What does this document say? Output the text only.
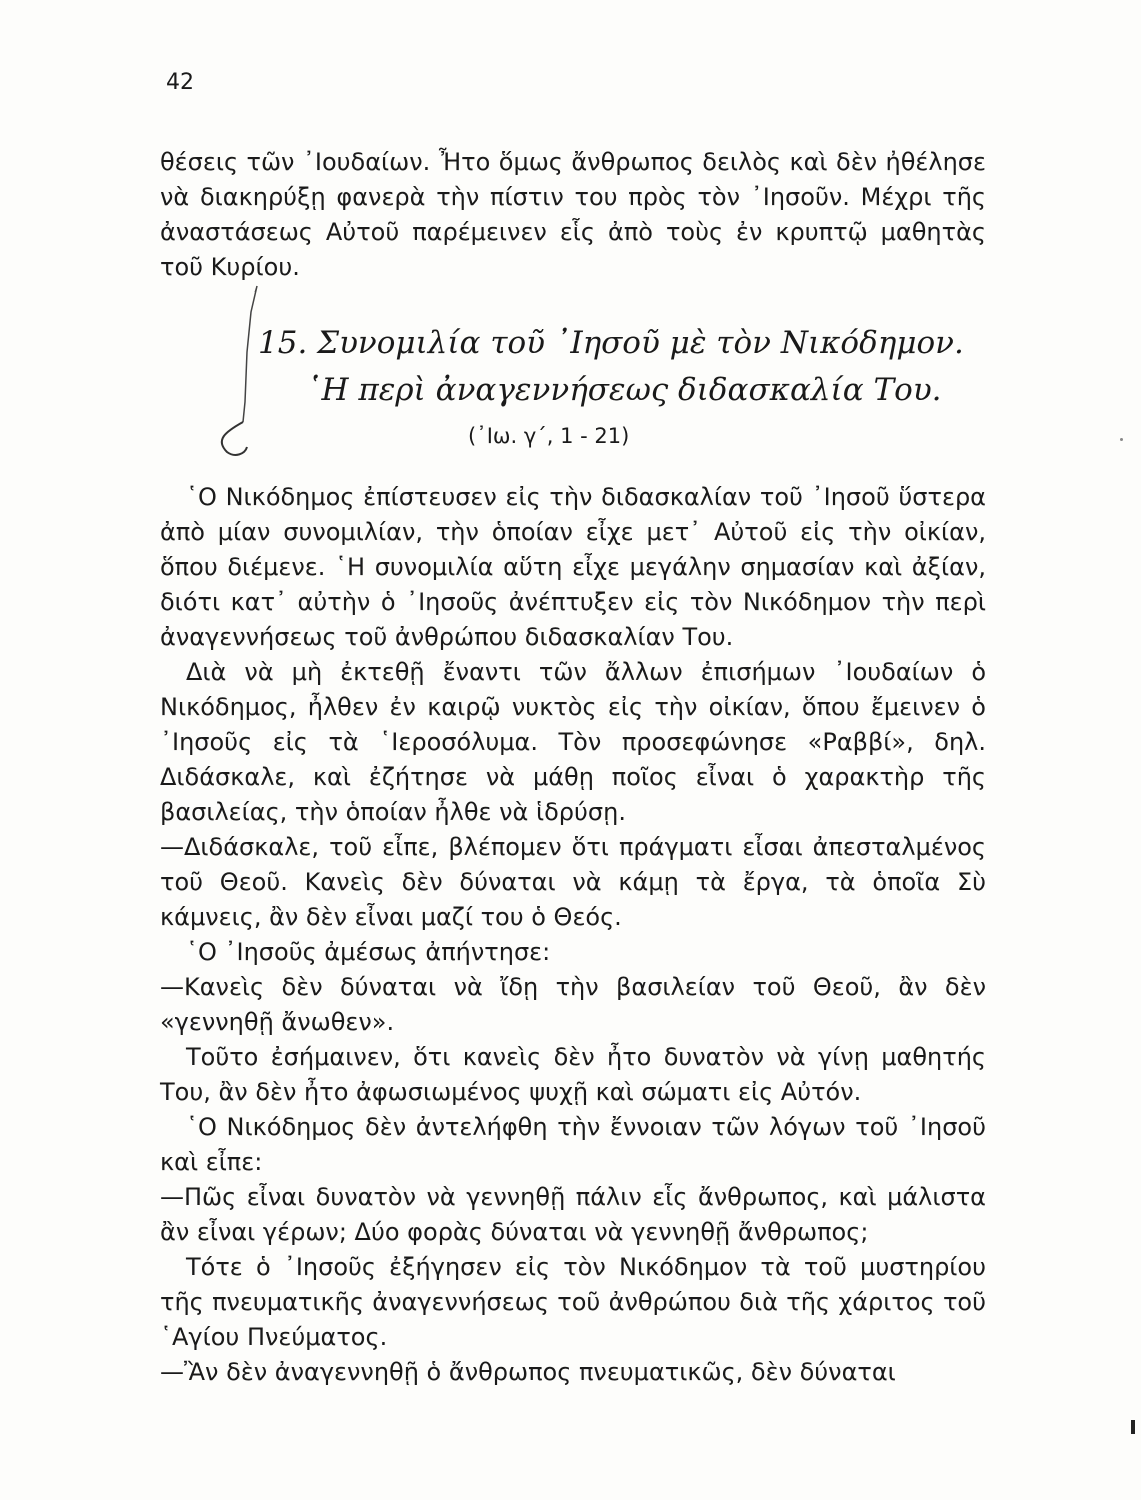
42

θέσεις τῶν ᾽Ιουδαίων. Ἦτο ὅμως ἄνθρωπος δειλὸς καὶ δὲν ἠθέλησε νὰ διακηρύξῃ φανερὰ τὴν πίστιν του πρὸς τὸν ᾽Ιησοῦν. Μέχρι τῆς ἀναστάσεως Αὐτοῦ παρέμεινεν εἷς ἀπὸ τοὺς ἐν κρυπτῷ μαθητὰς τοῦ Κυρίου.

15. Συνομιλία τοῦ ᾽Ιησοῦ μὲ τὸν Νικόδημον.
῾Η περὶ ἀναγεννήσεως διδασκαλία Του.
(᾽Ιω. γ΄, 1 - 21)

῾Ο Νικόδημος ἐπίστευσεν εἰς τὴν διδασκαλίαν τοῦ ᾽Ιησοῦ ὕστερα ἀπὸ μίαν συνομιλίαν, τὴν ὁποίαν εἶχε μετ᾽ Αὐτοῦ εἰς τὴν οἰκίαν, ὅπου διέμενε. ῾Η συνομιλία αὕτη εἶχε μεγάλην σημασίαν καὶ ἀξίαν, διότι κατ᾽ αὐτὴν ὁ ᾽Ιησοῦς ἀνέπτυξεν εἰς τὸν Νικόδημον τὴν περὶ ἀναγεννήσεως τοῦ ἀνθρώπου διδασκαλίαν Του.

Διὰ νὰ μὴ ἐκτεθῇ ἔναντι τῶν ἄλλων ἐπισήμων ᾽Ιουδαίων ὁ Νικόδημος, ἦλθεν ἐν καιρῷ νυκτὸς εἰς τὴν οἰκίαν, ὅπου ἔμεινεν ὁ ᾽Ιησοῦς εἰς τὰ ῾Ιεροσόλυμα. Τὸν προσεφώνησε «Ραββί», δηλ. Διδάσκαλε, καὶ ἐζήτησε νὰ μάθῃ ποῖος εἶναι ὁ χαρακτὴρ τῆς βασιλείας, τὴν ὁποίαν ἦλθε νὰ ἱδρύσῃ.

—Διδάσκαλε, τοῦ εἶπε, βλέπομεν ὅτι πράγματι εἶσαι ἀπεσταλμένος τοῦ Θεοῦ. Κανεὶς δὲν δύναται νὰ κάμῃ τὰ ἔργα, τὰ ὁποῖα Σὺ κάμνεις, ἂν δὲν εἶναι μαζί του ὁ Θεός.

῾Ο ᾽Ιησοῦς ἀμέσως ἀπήντησε:

—Κανεὶς δὲν δύναται νὰ ἴδῃ τὴν βασιλείαν τοῦ Θεοῦ, ἂν δὲν «γεννηθῇ ἄνωθεν».

Τοῦτο ἐσήμαινεν, ὅτι κανεὶς δὲν ἦτο δυνατὸν νὰ γίνῃ μαθητής Του, ἂν δὲν ἦτο ἀφωσιωμένος ψυχῇ καὶ σώματι εἰς Αὐτόν.

῾Ο Νικόδημος δὲν ἀντελήφθη τὴν ἔννοιαν τῶν λόγων τοῦ ᾽Ιησοῦ καὶ εἶπε:

—Πῶς εἶναι δυνατὸν νὰ γεννηθῇ πάλιν εἷς ἄνθρωπος, καὶ μάλιστα ἂν εἶναι γέρων; Δύο φορὰς δύναται νὰ γεννηθῇ ἄνθρωπος;

Τότε ὁ ᾽Ιησοῦς ἐξήγησεν εἰς τὸν Νικόδημον τὰ τοῦ μυστηρίου τῆς πνευματικῆς ἀναγεννήσεως τοῦ ἀνθρώπου διὰ τῆς χάριτος τοῦ ῾Αγίου Πνεύματος.

—Ἂν δὲν ἀναγεννηθῇ ὁ ἄνθρωπος πνευματικῶς, δὲν δύναται
